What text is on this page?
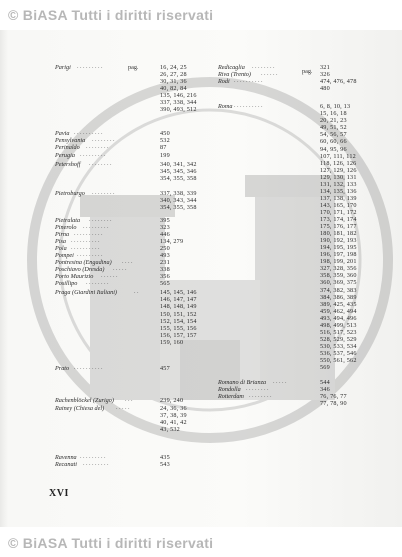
© BiASA Tutti i diritti riservati
Parigi . . . . . . . . .	16, 24, 25
26, 27, 28
30, 31, 36
40, 82, 84
135, 146, 216
337, 338, 344
390, 493, 512
Pavia . . . . . . . . . .	450
Pensylvania . . . . . . . .	532
Perinaldo . . . . . . . .	87
Perugia . . . . . . . . .	199
Petershoff . . . . . . . .	340, 341, 342
345, 345, 346
354, 355, 358
Pietroburgo . . . . . . . .	337, 338, 339
340, 343, 344
354, 355, 358
Pietralata . . . . . . . .	395
Pinerolo . . . . . . . . .	323
Pirna . . . . . . . . . .	446
Pisa . . . . . . . . . .	134, 279
Pola . . . . . . . . . .	250
Pompei . . . . . . . . .	493
Pontresina (Engadina) . . . .	231
Poschiavo (Dresda) . . . . .	338
Porto Maurizio . . . . . .	356
Posillipo . . . . . . . .	565
Praga (Giardini Italiani)	. .	145, 145, 146
146, 147, 147
148, 148, 149
150, 151, 152
152, 154, 154
155, 155, 156
156, 157, 157
159, 160
Prato . . . . . . . . . .	457
Rachenblöckel (Zurigo) . . .	239, 240
Rainey (Chiesa del) . . . . .	24, 36, 36
37, 38, 39
40, 41, 42
43, 532
Ravenna . . . . . . . . .	435
Recanati . . . . . . . . .	543
Redicaglia . . . . . . . .	321
Riva (Trento) . . . . . .	326
Rodi . . . . . . . . . .	474, 476, 478
480
Roma . . . . . . . . . .	6, 8, 10, 13
15, 16, 18
20, 21, 23
49, 51, 52
54, 56, 57
60, 60, 66
94, 95, 96
107, 111, 112
118, 126, 126
127, 129, 126
129, 130, 131
131, 132, 133
134, 135, 136
137, 138, 139
143, 165, 170
170, 171, 172
173, 174, 174
175, 176, 177
180, 181, 182
190, 192, 193
194, 195, 195
196, 197, 198
198, 199, 201
327, 328, 356
358, 359, 360
360, 369, 375
374, 382, 383
384, 386, 389
389, 425, 435
459, 462, 494
493, 494, 496
498, 499, 513
516, 517, 523
528, 529, 529
530, 533, 534
536, 537, 546
550, 561, 562
569
Romano di Brianza . . . . .	544
Rondolla . . . . . . . .	346
Rotterdam . . . . . . . .	76, 76, 77
77, 78, 90
pag.
pag.
XVI
© BiASA Tutti i diritti riservati
